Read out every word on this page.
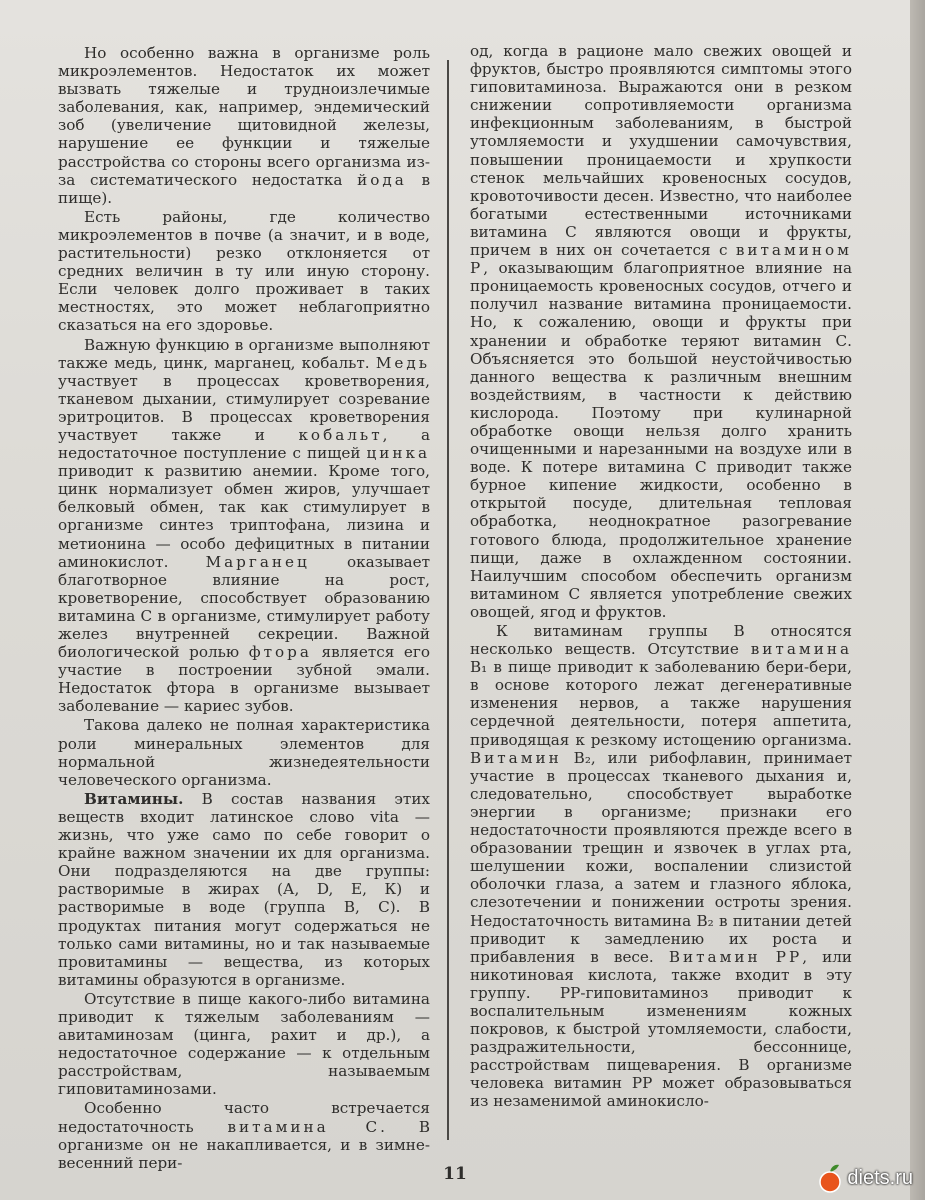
Но особенно важна в организме роль микроэлементов. Недостаток их может вызвать тяжелые и трудноизлечимые заболевания, как, например, эндемический зоб (увеличение щитовидной железы, нарушение ее функции и тяжелые расстройства со стороны всего организма из-за систематического недостатка йода в пище).

Есть районы, где количество микроэлементов в почве (а значит, и в воде, растительности) резко отклоняется от средних величин в ту или иную сторону. Если человек долго проживает в таких местностях, это может неблагоприятно сказаться на его здоровье.

Важную функцию в организме выполняют также медь, цинк, марганец, кобальт. Медь участвует в процессах кроветворения, тканевом дыхании, стимулирует созревание эритроцитов. В процессах кроветворения участвует также и кобальт, а недостаточное поступление с пищей цинка приводит к развитию анемии. Кроме того, цинк нормализует обмен жиров, улучшает белковый обмен, так как стимулирует в организме синтез триптофана, лизина и метионина — особо дефицитных в питании аминокислот. Марганец оказывает благотворное влияние на рост, кроветворение, способствует образованию витамина С в организме, стимулирует работу желез внутренней секреции. Важной биологической ролью фтора является его участие в построении зубной эмали. Недостаток фтора в организме вызывает заболевание — кариес зубов.

Такова далеко не полная характеристика роли минеральных элементов для нормальной жизнедеятельности человеческого организма.

Витамины. В состав названия этих веществ входит латинское слово vita — жизнь, что уже само по себе говорит о крайне важном значении их для организма. Они подразделяются на две группы: растворимые в жирах (А, D, Е, К) и растворимые в воде (группа В, С). В продуктах питания могут содержаться не только сами витамины, но и так называемые провитамины — вещества, из которых витамины образуются в организме.

Отсутствие в пище какого-либо витамина приводит к тяжелым заболеваниям — авитаминозам (цинга, рахит и др.), а недостаточное содержание — к отдельным расстройствам, называемым гиповитаминозами.

Особенно часто встречается недостаточность витамина С. В организме он не накапливается, и в зимне-весенний пери-

од, когда в рационе мало свежих овощей и фруктов, быстро проявляются симптомы этого гиповитаминоза. Выражаются они в резком снижении сопротивляемости организма инфекционным заболеваниям, в быстрой утомляемости и ухудшении самочувствия, повышении проницаемости и хрупкости стенок мельчайших кровеносных сосудов, кровоточивости десен. Известно, что наиболее богатыми естественными источниками витамина С являются овощи и фрукты, причем в них он сочетается с витамином Р, оказывающим благоприятное влияние на проницаемость кровеносных сосудов, отчего и получил название витамина проницаемости. Но, к сожалению, овощи и фрукты при хранении и обработке теряют витамин С. Объясняется это большой неустойчивостью данного вещества к различным внешним воздействиям, в частности к действию кислорода. Поэтому при кулинарной обработке овощи нельзя долго хранить очищенными и нарезанными на воздухе или в воде. К потере витамина С приводит также бурное кипение жидкости, особенно в открытой посуде, длительная тепловая обработка, неоднократное разогревание готового блюда, продолжительное хранение пищи, даже в охлажденном состоянии. Наилучшим способом обеспечить организм витамином С является употребление свежих овощей, ягод и фруктов.

К витаминам группы В относятся несколько веществ. Отсутствие витамина В₁ в пище приводит к заболеванию бери-бери, в основе которого лежат дегенеративные изменения нервов, а также нарушения сердечной деятельности, потеря аппетита, приводящая к резкому истощению организма. Витамин В₂, или рибофлавин, принимает участие в процессах тканевого дыхания и, следовательно, способствует выработке энергии в организме; признаки его недостаточности проявляются прежде всего в образовании трещин и язвочек в углах рта, шелушении кожи, воспалении слизистой оболочки глаза, а затем и глазного яблока, слезотечении и понижении остроты зрения. Недостаточность витамина В₂ в питании детей приводит к замедлению их роста и прибавления в весе. Витамин РР, или никотиновая кислота, также входит в эту группу. РР-гиповитаминоз приводит к воспалительным изменениям кожных покровов, к быстрой утомляемости, слабости, раздражительности, бессоннице, расстройствам пищеварения. В организме человека витамин РР может образовываться из незаменимой аминокисло-

11	diets.ru
